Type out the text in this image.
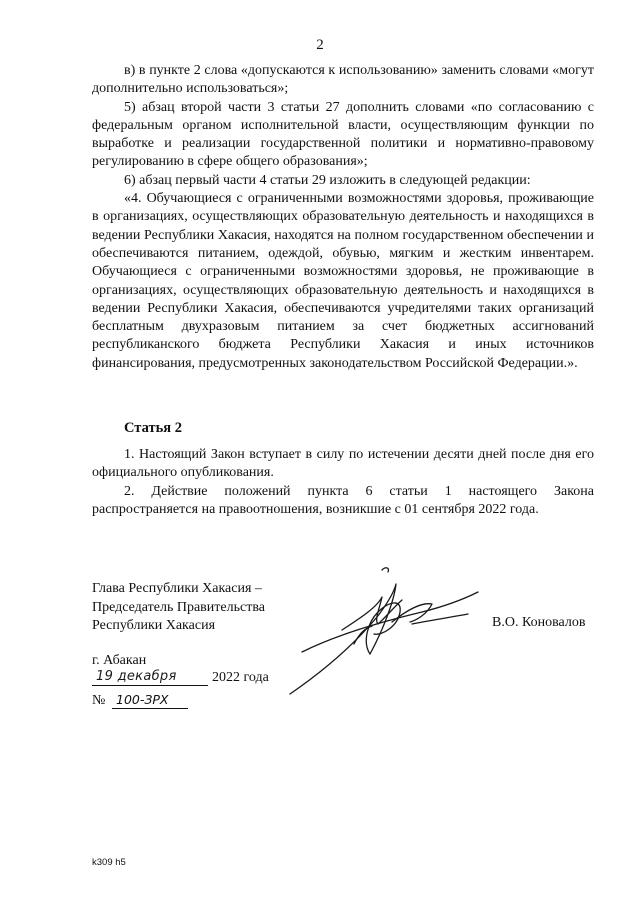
2

в) в пункте 2 слова «допускаются к использованию» заменить словами «могут дополнительно использоваться»;

5) абзац второй части 3 статьи 27 дополнить словами «по согласованию с федеральным органом исполнительной власти, осуществляющим функции по выработке и реализации государственной политики и нормативно-правовому регулированию в сфере общего образования»;

6) абзац первый части 4 статьи 29 изложить в следующей редакции:

«4. Обучающиеся с ограниченными возможностями здоровья, проживающие в организациях, осуществляющих образовательную деятельность и находящихся в ведении Республики Хакасия, находятся на полном государственном обеспечении и обеспечиваются питанием, одеждой, обувью, мягким и жестким инвентарем. Обучающиеся с ограниченными возможностями здоровья, не проживающие в организациях, осуществляющих образовательную деятельность и находящихся в ведении Республики Хакасия, обеспечиваются учредителями таких организаций бесплатным двухразовым питанием за счет бюджетных ассигнований республиканского бюджета Республики Хакасия и иных источников финансирования, предусмотренных законодательством Российской Федерации.».

Статья 2

1. Настоящий Закон вступает в силу по истечении десяти дней после дня его официального опубликования.

2. Действие положений пункта 6 статьи 1 настоящего Закона распространяется на правоотношения, возникшие с 01 сентября 2022 года.

Глава Республики Хакасия –
Председатель Правительства
Республики Хакасия	В.О. Коновалов
г. Абакан
19 декабря	2022 года
№ 100-ЗРХ
k309 h5
